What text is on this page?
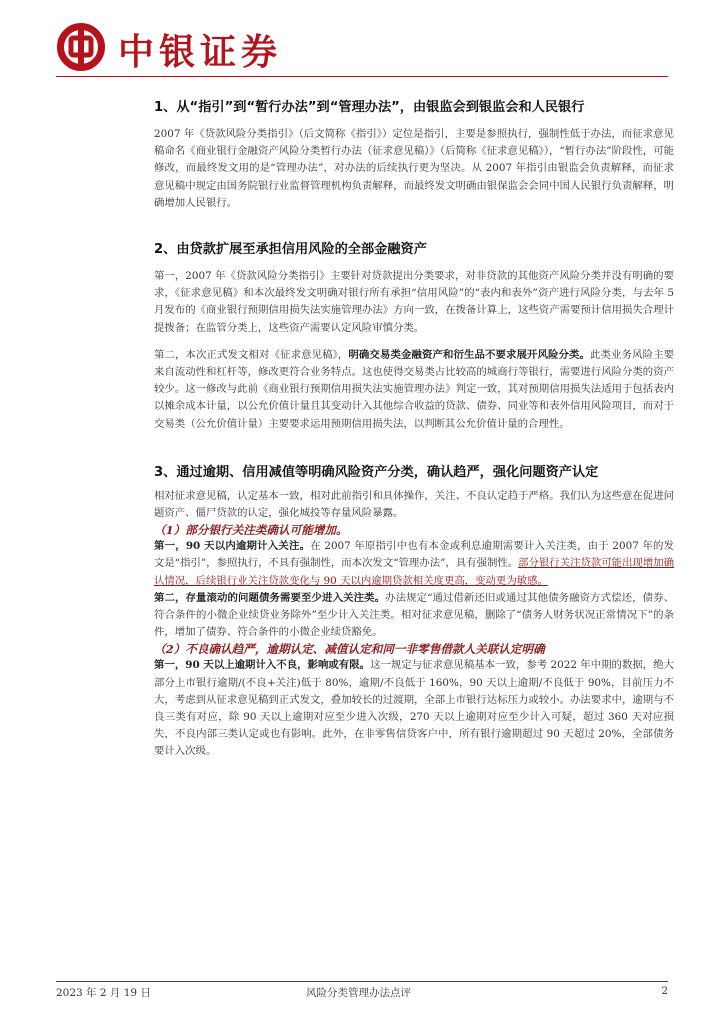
中银证券
1、从“指引”到“暂行办法”到“管理办法”，由银监会到银监会和人民银行

2007 年《贷款风险分类指引》（后文简称《指引》）定位是指引，主要是参照执行，强制性低于办法，而征求意见稿命名《商业银行金融资产风险分类暂行办法（征求意见稿）》（后简称《征求意见稿》），“暂行办法”阶段性，可能修改，而最终发文用的是“管理办法”，对办法的后续执行更为坚决。从 2007 年指引由银监会负责解释，而征求意见稿中规定由国务院银行业监督管理机构负责解释，而最终发文明确由银保监会会同中国人民银行负责解释，明确增加人民银行。

2、由贷款扩展至承担信用风险的全部金融资产

第一，2007 年《贷款风险分类指引》主要针对贷款提出分类要求，对非贷款的其他资产风险分类并没有明确的要求，《征求意见稿》和本次最终发文明确对银行所有承担“信用风险”的“表内和表外”资产进行风险分类，与去年 5 月发布的《商业银行预期信用损失法实施管理办法》方向一致，在拨备计算上，这些资产需要预计信用损失合理计提拨备；在监管分类上，这些资产需要认定风险审慎分类。

第二，本次正式发文相对《征求意见稿》，明确交易类金融资产和衍生品不要求展开风险分类。此类业务风险主要来自流动性和杠杆等，修改更符合业务特点。这也使得交易类占比较高的城商行等银行，需要进行风险分类的资产较少。这一修改与此前《商业银行预期信用损失法实施管理办法》判定一致，其对预期信用损失法适用于包括表内以摊余成本计量，以公允价值计量且其变动计入其他综合收益的贷款、债券、同业等和表外信用风险项目，而对于交易类（公允价值计量）主要要求运用预期信用损失法，以判断其公允价值计量的合理性。

3、通过逾期、信用减值等明确风险资产分类，确认趋严，强化问题资产认定

相对征求意见稿，认定基本一致，相对此前指引和具体操作，关注、不良认定趋于严格。我们认为这些意在促进问题资产、僵尸贷款的认定，强化城投等存量风险暴露。

（1）部分银行关注类确认可能增加。

第一，90 天以内逾期计入关注。在 2007 年原指引中也有本金或利息逾期需要计入关注类，由于 2007 年的发文是“指引”，参照执行，不具有强制性，而本次发文“管理办法”，具有强制性。部分银行关注贷款可能出现增加确认情况，后续银行业关注贷款变化与 90 天以内逾期贷款相关度更高，变动更为敏感。

第二，存量滚动的问题债务需要至少进入关注类。办法规定“通过借新还旧或通过其他债务融资方式偿还，债券、符合条件的小微企业续贷业务除外”至少计入关注类。相对征求意见稿，删除了“债务人财务状况正常情况下”的条件，增加了债券、符合条件的小微企业续贷豁免。

（2）不良确认趋严，逾期认定、减值认定和同一非零售借款人关联认定明确

第一，90 天以上逾期计入不良，影响或有限。这一规定与征求意见稿基本一致，参考 2022 年中期的数据，绝大部分上市银行逾期/(不良+关注)低于 80%，逾期/不良低于 160%，90 天以上逾期/不良低于 90%，目前压力不大，考虑到从征求意见稿到正式发文，叠加较长的过渡期，全部上市银行达标压力或较小。办法要求中，逾期与不良三类有对应，除 90 天以上逾期对应至少进入次级，270 天以上逾期对应至少计入可疑，超过 360 天对应损失，不良内部三类认定或也有影响。此外，在非零售信贷客户中，所有银行逾期超过 90 天超过 20%，全部债务要计入次级。

2023 年 2 月 19 日	风险分类管理办法点评	2
